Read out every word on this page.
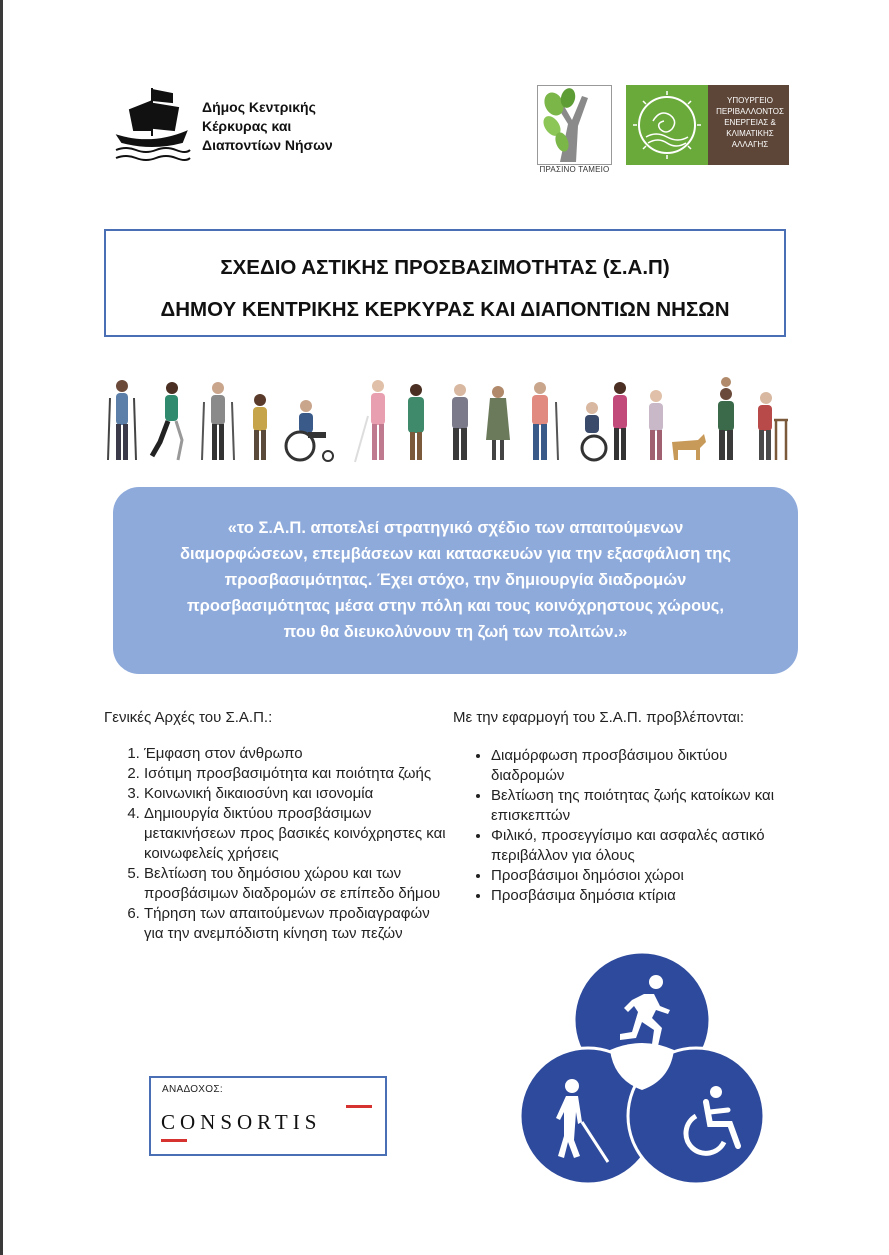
Δήμος Κεντρικής
Κέρκυρας και
Διαποντίων Νήσων
ΠΡΑΣΙΝΟ ΤΑΜΕΙΟ
ΥΠΟΥΡΓΕΙΟ
ΠΕΡΙΒΑΛΛΟΝΤΟΣ
ΕΝΕΡΓΕΙΑΣ &
ΚΛΙΜΑΤΙΚΗΣ
ΑΛΛΑΓΗΣ
ΣΧΕΔΙΟ ΑΣΤΙΚΗΣ ΠΡΟΣΒΑΣΙΜΟΤΗΤΑΣ (Σ.Α.Π)
ΔΗΜΟΥ ΚΕΝΤΡΙΚΗΣ ΚΕΡΚΥΡΑΣ ΚΑΙ ΔΙΑΠΟΝΤΙΩΝ ΝΗΣΩΝ
«το Σ.Α.Π. αποτελεί στρατηγικό σχέδιο των απαιτούμενων
διαμορφώσεων, επεμβάσεων και κατασκευών για την εξασφάλιση της
προσβασιμότητας. Έχει στόχο, την δημιουργία διαδρομών
προσβασιμότητας μέσα στην πόλη και τους κοινόχρηστους χώρους,
που θα διευκολύνουν τη ζωή των πολιτών.»
Γενικές Αρχές του Σ.Α.Π.:
1. Έμφαση στον άνθρωπο
2. Ισότιμη προσβασιμότητα και ποιότητα ζωής
3. Κοινωνική δικαιοσύνη και ισονομία
4. Δημιουργία δικτύου προσβάσιμων μετακινήσεων προς βασικές κοινόχρηστες και κοινωφελείς χρήσεις
5. Βελτίωση του δημόσιου χώρου και των προσβάσιμων διαδρομών σε επίπεδο δήμου
6. Τήρηση των απαιτούμενων προδιαγραφών για την ανεμπόδιστη κίνηση των πεζών
Με την εφαρμογή του Σ.Α.Π. προβλέπονται:
• Διαμόρφωση προσβάσιμου δικτύου διαδρομών
• Βελτίωση της ποιότητας ζωής κατοίκων και επισκεπτών
• Φιλικό, προσεγγίσιμο και ασφαλές αστικό περιβάλλον για όλους
• Προσβάσιμοι δημόσιοι χώροι
• Προσβάσιμα δημόσια κτίρια
ΑΝΑΔΟΧΟΣ:
CONSORTIS
